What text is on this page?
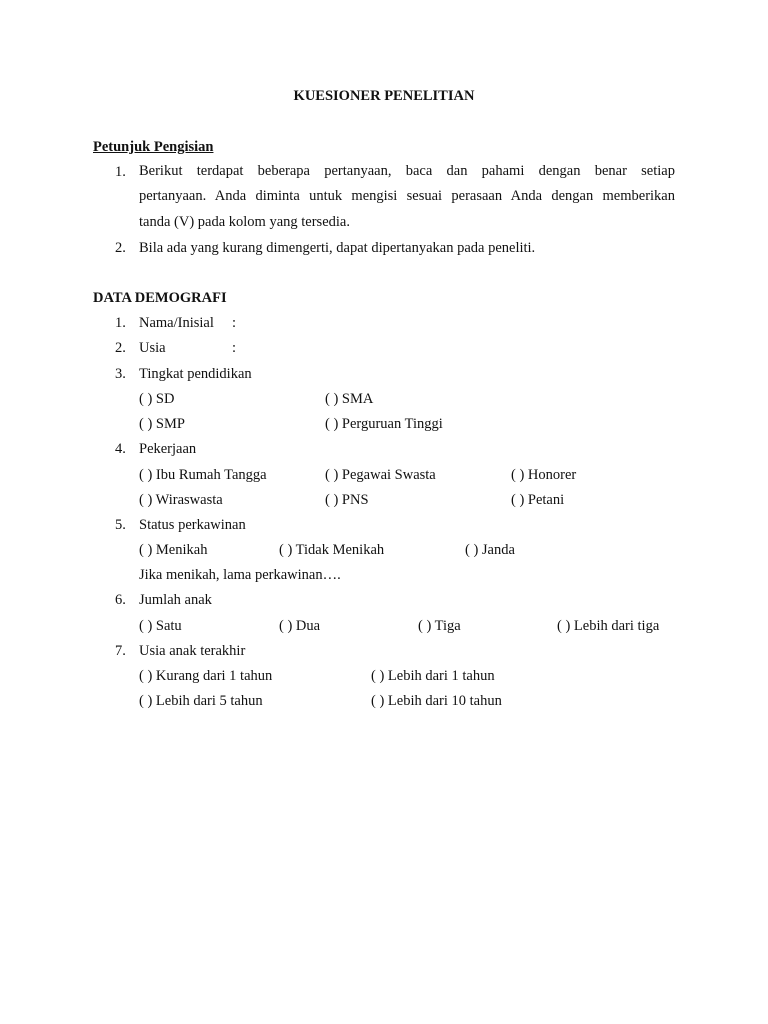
KUESIONER PENELITIAN
Petunjuk Pengisian
1. Berikut terdapat beberapa pertanyaan, baca dan pahami dengan benar setiap
pertanyaan. Anda diminta untuk mengisi sesuai perasaan Anda dengan memberikan
tanda (V) pada kolom yang tersedia.
2. Bila ada yang kurang dimengerti, dapat dipertanyakan pada peneliti.
DATA DEMOGRAFI
1. Nama/Inisial :
2. Usia	:
3. Tingkat pendidikan
( ) SD	( ) SMA
( ) SMP	( ) Perguruan Tinggi
4. Pekerjaan
( ) Ibu Rumah Tangga	( ) Pegawai Swasta	( ) Honorer
( ) Wiraswasta	( ) PNS	( ) Petani
5. Status perkawinan
( ) Menikah	( ) Tidak Menikah	( ) Janda
Jika menikah, lama perkawinan….
6. Jumlah anak
( ) Satu	( ) Dua	( ) Tiga	( ) Lebih dari tiga
7. Usia anak terakhir
( ) Kurang dari 1 tahun	( ) Lebih dari 1 tahun
( ) Lebih dari 5 tahun	( ) Lebih dari 10 tahun
